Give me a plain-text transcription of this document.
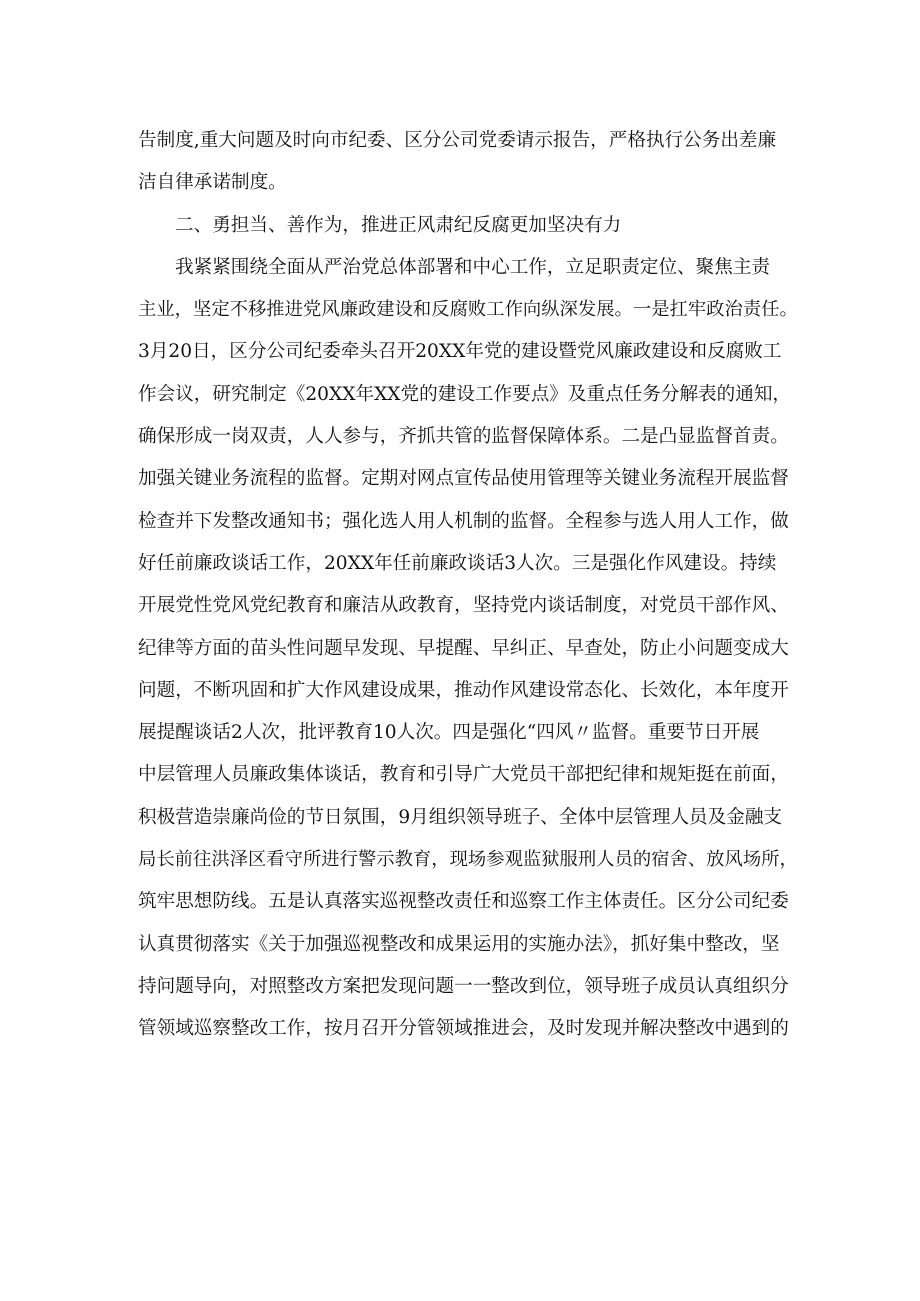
告制度,重大问题及时向市纪委、区分公司党委请示报告，严格执行公务出差廉
洁自律承诺制度。
二、勇担当、善作为，推进正风肃纪反腐更加坚决有力
我紧紧围绕全面从严治党总体部署和中心工作，立足职责定位、聚焦主责
主业，坚定不移推进党风廉政建设和反腐败工作向纵深发展。一是扛牢政治责任。
3月20日，区分公司纪委牵头召开20XX年党的建设暨党风廉政建设和反腐败工
作会议，研究制定《20XX年XX党的建设工作要点》及重点任务分解表的通知，
确保形成一岗双责，人人参与，齐抓共管的监督保障体系。二是凸显监督首责。
加强关键业务流程的监督。定期对网点宣传品使用管理等关键业务流程开展监督
检查并下发整改通知书；强化选人用人机制的监督。全程参与选人用人工作，做
好任前廉政谈话工作，20XX年任前廉政谈话3人次。三是强化作风建设。持续
开展党性党风党纪教育和廉洁从政教育，坚持党内谈话制度，对党员干部作风、
纪律等方面的苗头性问题早发现、早提醒、早纠正、早查处，防止小问题变成大
问题，不断巩固和扩大作风建设成果，推动作风建设常态化、长效化，本年度开
展提醒谈话2人次，批评教育10人次。四是强化“四风〃监督。重要节日开展
中层管理人员廉政集体谈话，教育和引导广大党员干部把纪律和规矩挺在前面，
积极营造崇廉尚俭的节日氛围，9月组织领导班子、全体中层管理人员及金融支
局长前往洪泽区看守所进行警示教育，现场参观监狱服刑人员的宿舍、放风场所，
筑牢思想防线。五是认真落实巡视整改责任和巡察工作主体责任。区分公司纪委
认真贯彻落实《关于加强巡视整改和成果运用的实施办法》，抓好集中整改，坚
持问题导向，对照整改方案把发现问题一一整改到位，领导班子成员认真组织分
管领域巡察整改工作，按月召开分管领域推进会，及时发现并解决整改中遇到的
